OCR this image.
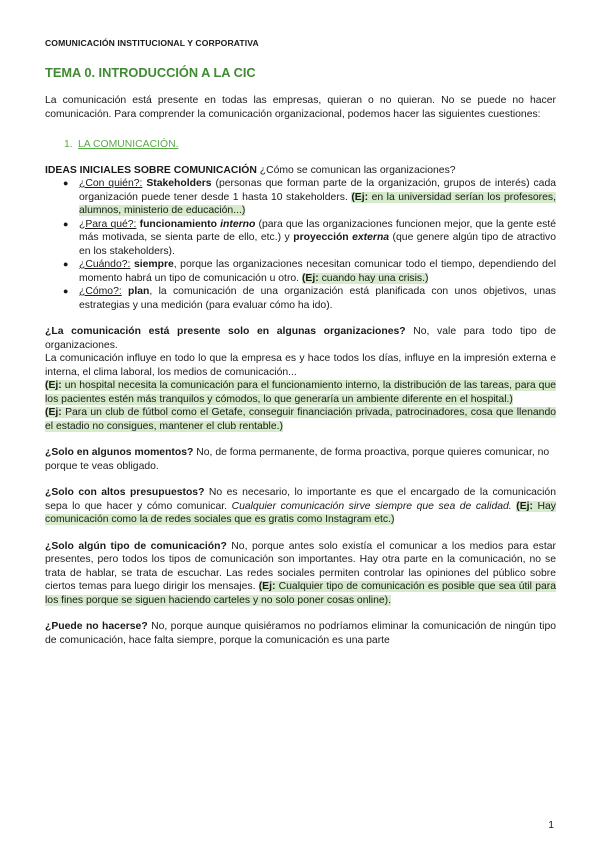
COMUNICACIÓN INSTITUCIONAL Y CORPORATIVA
TEMA 0. INTRODUCCIÓN A LA CIC

La comunicación está presente en todas las empresas, quieran o no quieran. No se puede no hacer comunicación. Para comprender la comunicación organizacional, podemos hacer las siguientes cuestiones:

1. LA COMUNICACIÓN.

IDEAS INICIALES SOBRE COMUNICACIÓN ¿Cómo se comunican las organizaciones?

● ¿Con quién?: Stakeholders (personas que forman parte de la organización, grupos de interés) cada organización puede tener desde 1 hasta 10 stakeholders. (Ej: en la universidad serían los profesores, alumnos, ministerio de educación...)
● ¿Para qué?: funcionamiento interno (para que las organizaciones funcionen mejor, que la gente esté más motivada, se sienta parte de ello, etc.) y proyección externa (que genere algún tipo de atractivo en los stakeholders).
● ¿Cuándo?: siempre, porque las organizaciones necesitan comunicar todo el tiempo, dependiendo del momento habrá un tipo de comunicación u otro. (Ej: cuando hay una crisis.)
● ¿Cómo?: plan, la comunicación de una organización está planificada con unos objetivos, unas estrategias y una medición (para evaluar cómo ha ido).

¿La comunicación está presente solo en algunas organizaciones? No, vale para todo tipo de organizaciones.

La comunicación influye en todo lo que la empresa es y hace todos los días, influye en la impresión externa e interna, el clima laboral, los medios de comunicación...

(Ej: un hospital necesita la comunicación para el funcionamiento interno, la distribución de las tareas, para que los pacientes estén más tranquilos y cómodos, lo que generaría un ambiente diferente en el hospital.)

(Ej: Para un club de fútbol como el Getafe, conseguir financiación privada, patrocinadores, cosa que llenando el estadio no consigues, mantener el club rentable.)

¿Solo en algunos momentos? No, de forma permanente, de forma proactiva, porque quieres comunicar, no porque te veas obligado.

¿Solo con altos presupuestos? No es necesario, lo importante es que el encargado de la comunicación sepa lo que hacer y cómo comunicar. Cualquier comunicación sirve siempre que sea de calidad. (Ej: Hay comunicación como la de redes sociales que es gratis como Instagram etc.)

¿Solo algún tipo de comunicación? No, porque antes solo existía el comunicar a los medios para estar presentes, pero todos los tipos de comunicación son importantes. Hay otra parte en la comunicación, no se trata de hablar, se trata de escuchar. Las redes sociales permiten controlar las opiniones del público sobre ciertos temas para luego dirigir los mensajes. (Ej: Cualquier tipo de comunicación es posible que sea útil para los fines porque se siguen haciendo carteles y no solo poner cosas online).

¿Puede no hacerse? No, porque aunque quisiéramos no podríamos eliminar la comunicación de ningún tipo de comunicación, hace falta siempre, porque la comunicación es una parte

1
